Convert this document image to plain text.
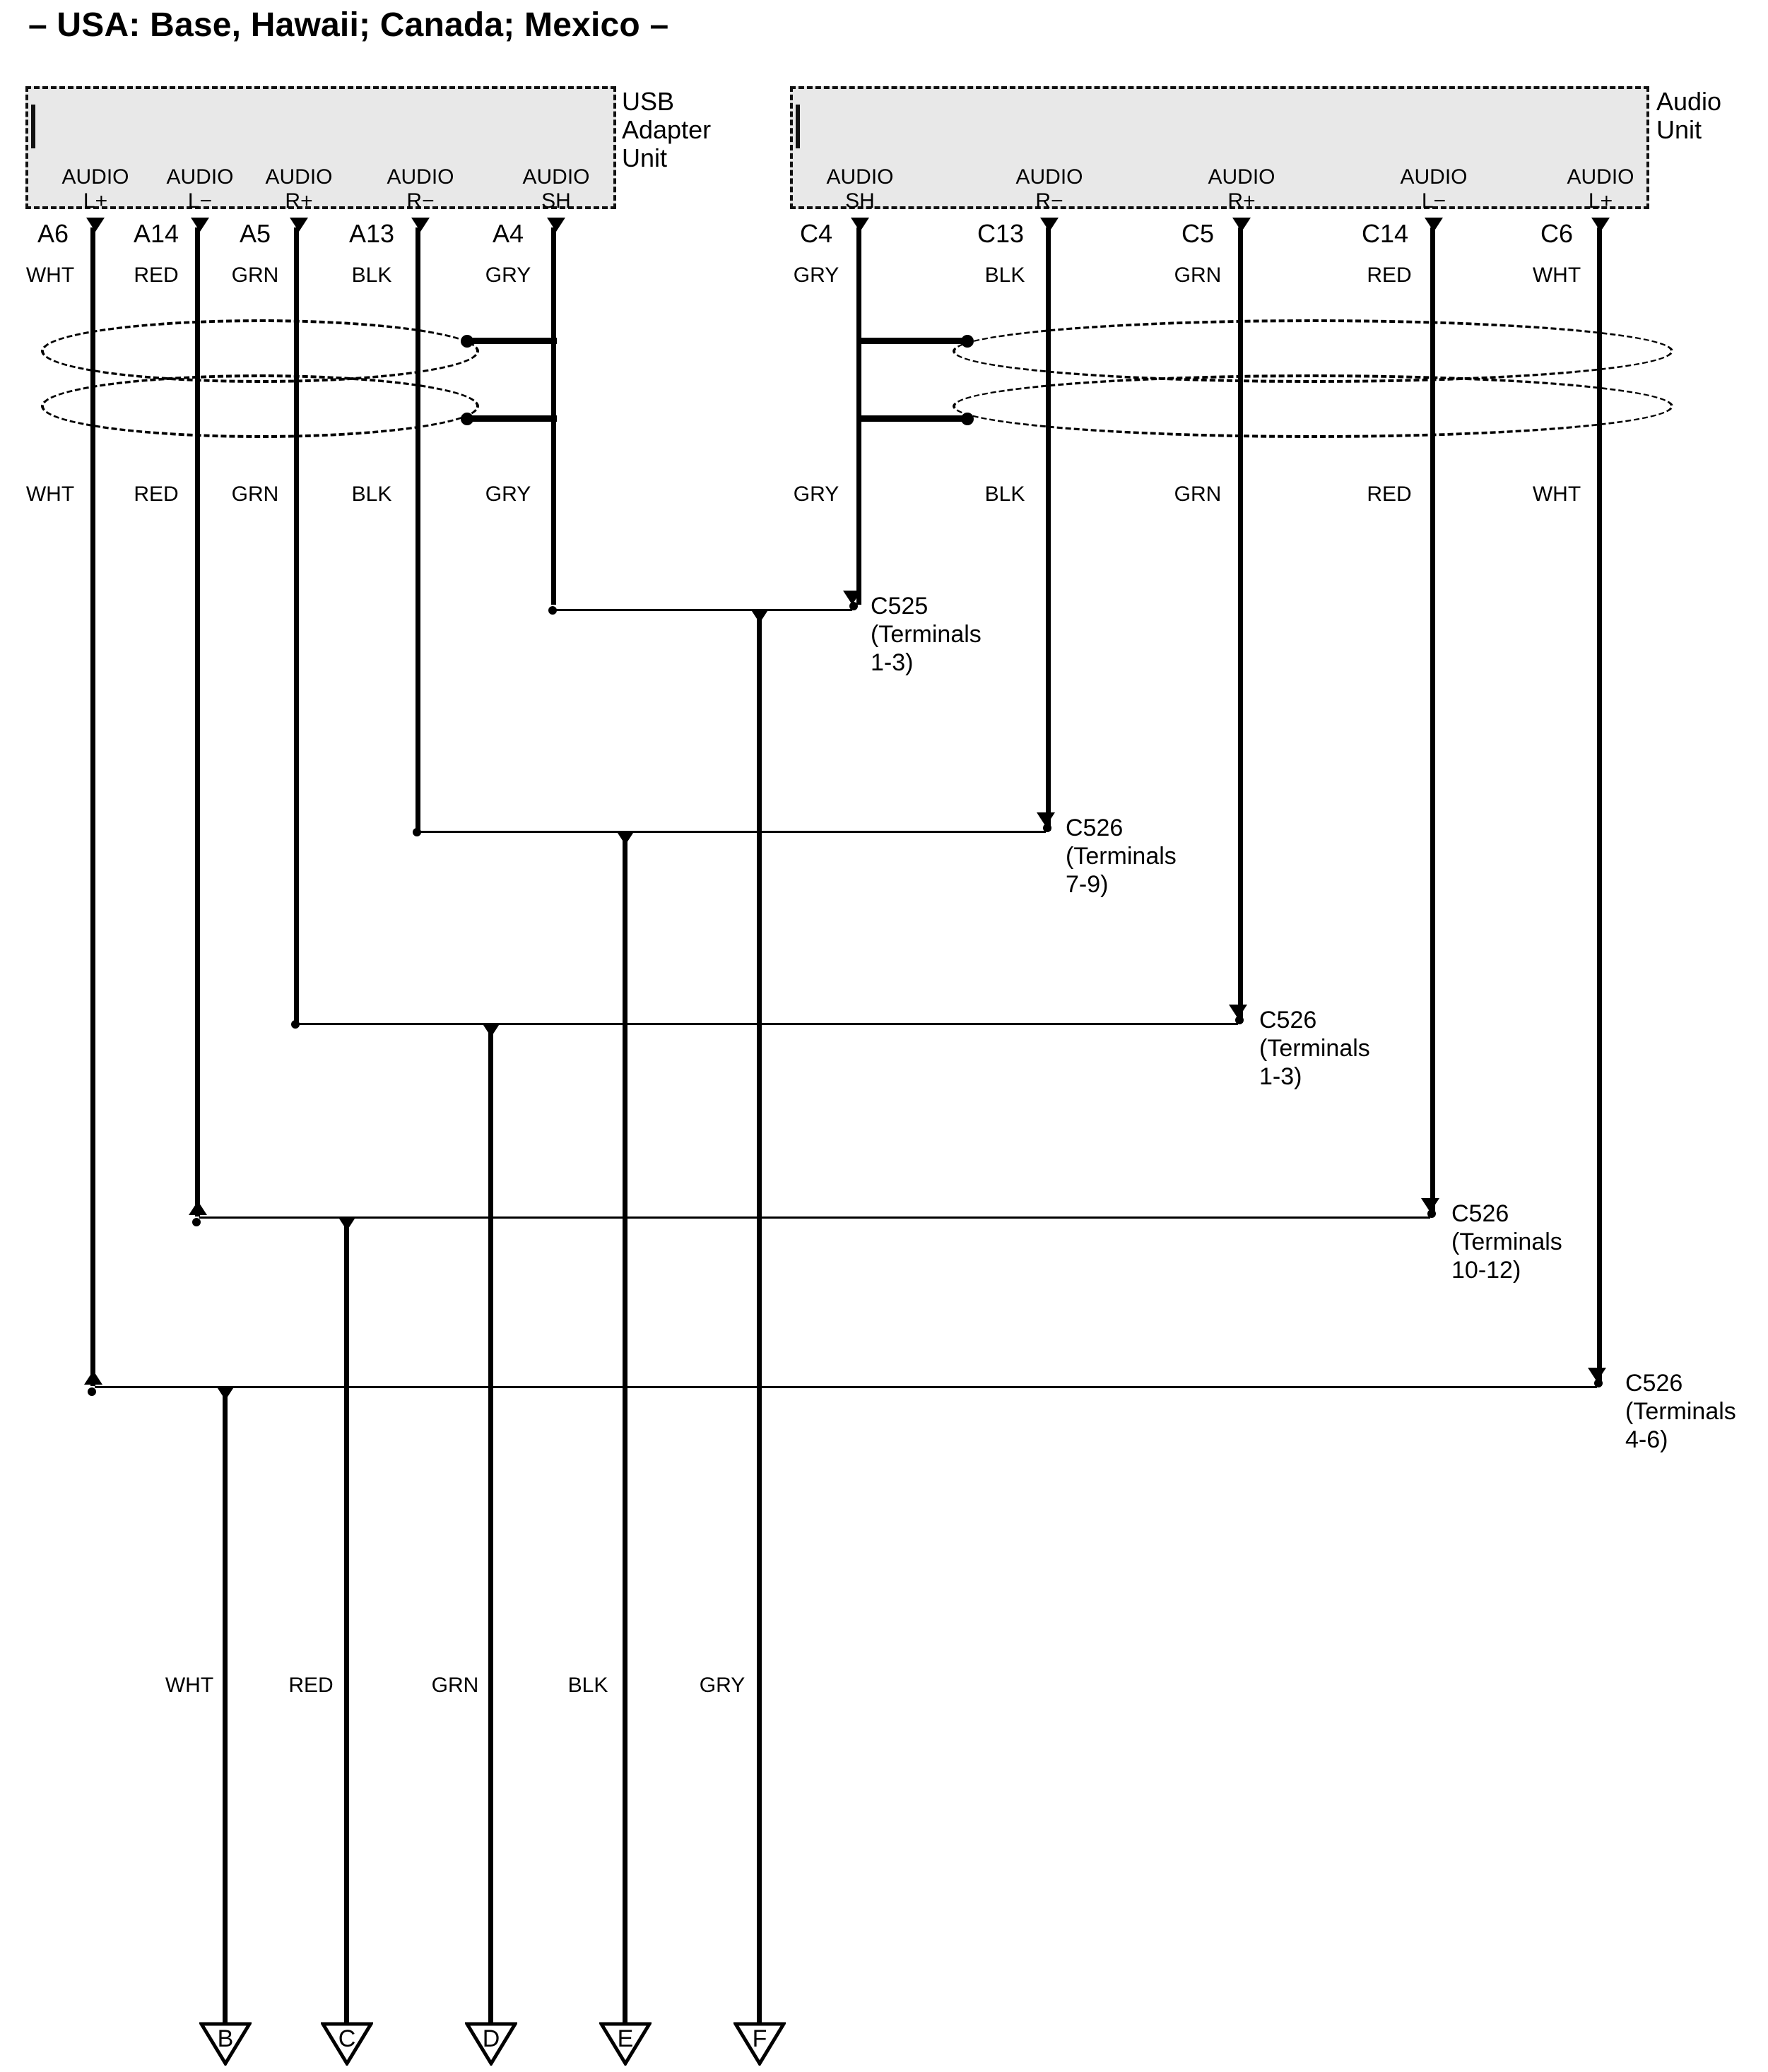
– USA: Base, Hawaii; Canada; Mexico –
USB
Adapter
Unit
AUDIO
L+
AUDIO
L−
AUDIO
R+
AUDIO
R−
AUDIO
SH
A6	A14	A5	A13	A4
WHT	RED	GRN	BLK	GRY
WHT	RED	GRN	BLK	GRY
Audio
Unit
AUDIO
SH
AUDIO
R−
AUDIO
R+
AUDIO
L−
AUDIO
L+
C4	C13	C5	C14	C6
GRY	BLK	GRN	RED	WHT
GRY	BLK	GRN	RED	WHT
C525
(Terminals
1-3)
C526
(Terminals
7-9)
C526
(Terminals
1-3)
C526
(Terminals
10-12)
C526
(Terminals
4-6)
WHT	RED	GRN	BLK	GRY
B	C	D	E	F
